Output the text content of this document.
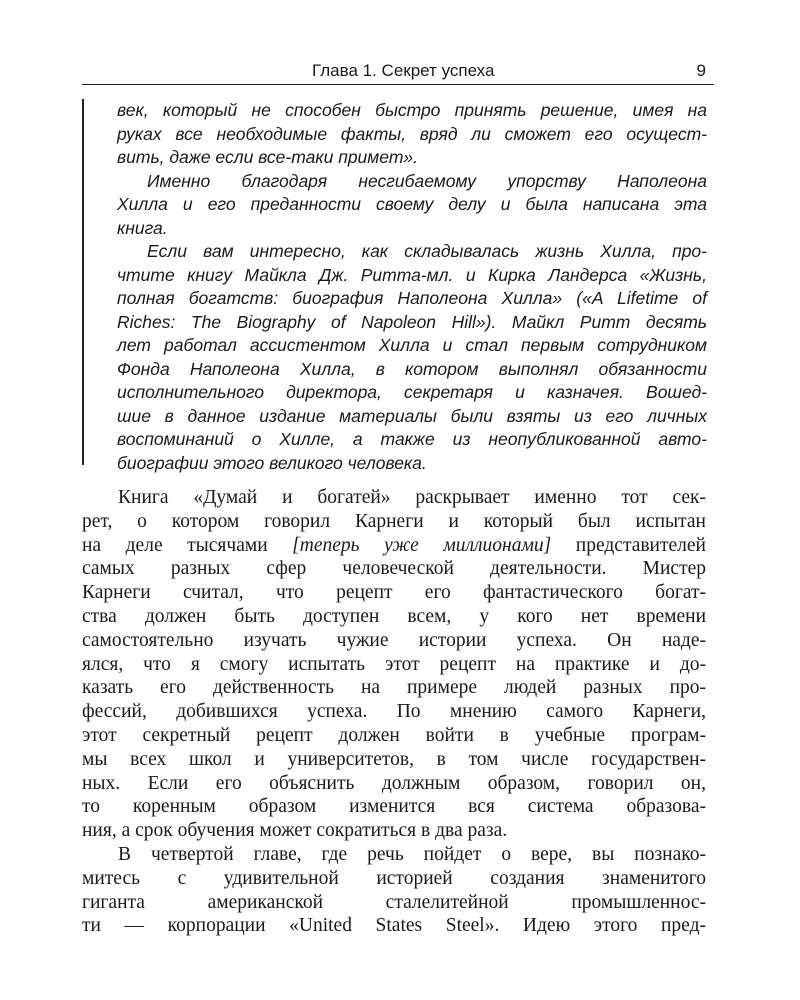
Глава 1. Секрет успеха	9
век, который не способен быстро принять решение, имея на
руках все необходимые факты, вряд ли сможет его осущест-
вить, даже если все-таки примет».
Именно благодаря несгибаемому упорству Наполеона
Хилла и его преданности своему делу и была написана эта
книга.
Если вам интересно, как складывалась жизнь Хилла, про-
чтите книгу Майкла Дж. Ритта-мл. и Кирка Ландерса «Жизнь,
полная богатств: биография Наполеона Хилла» («A Lifetime of
Riches: The Biography of Napoleon Hill»). Майкл Ритт десять
лет работал ассистентом Хилла и стал первым сотрудником
Фонда Наполеона Хилла, в котором выполнял обязанности
исполнительного директора, секретаря и казначея. Вошед-
шие в данное издание материалы были взяты из его личных
воспоминаний о Хилле, а также из неопубликованной авто-
биографии этого великого человека.
Книга «Думай и богатей» раскрывает именно тот сек-
рет, о котором говорил Карнеги и который был испытан
на деле тысячами [теперь уже миллионами] представителей
самых разных сфер человеческой деятельности. Мистер
Карнеги считал, что рецепт его фантастического богат-
ства должен быть доступен всем, у кого нет времени
самостоятельно изучать чужие истории успеха. Он наде-
ялся, что я смогу испытать этот рецепт на практике и до-
казать его действенность на примере людей разных про-
фессий, добившихся успеха. По мнению самого Карнеги,
этот секретный рецепт должен войти в учебные програм-
мы всех школ и университетов, в том числе государствен-
ных. Если его объяснить должным образом, говорил он,
то коренным образом изменится вся система образова-
ния, а срок обучения может сократиться в два раза.
В четвертой главе, где речь пойдет о вере, вы познако-
митесь с удивительной историей создания знаменитого
гиганта американской сталелитейной промышленнос-
ти — корпорации «United States Steel». Идею этого пред-
